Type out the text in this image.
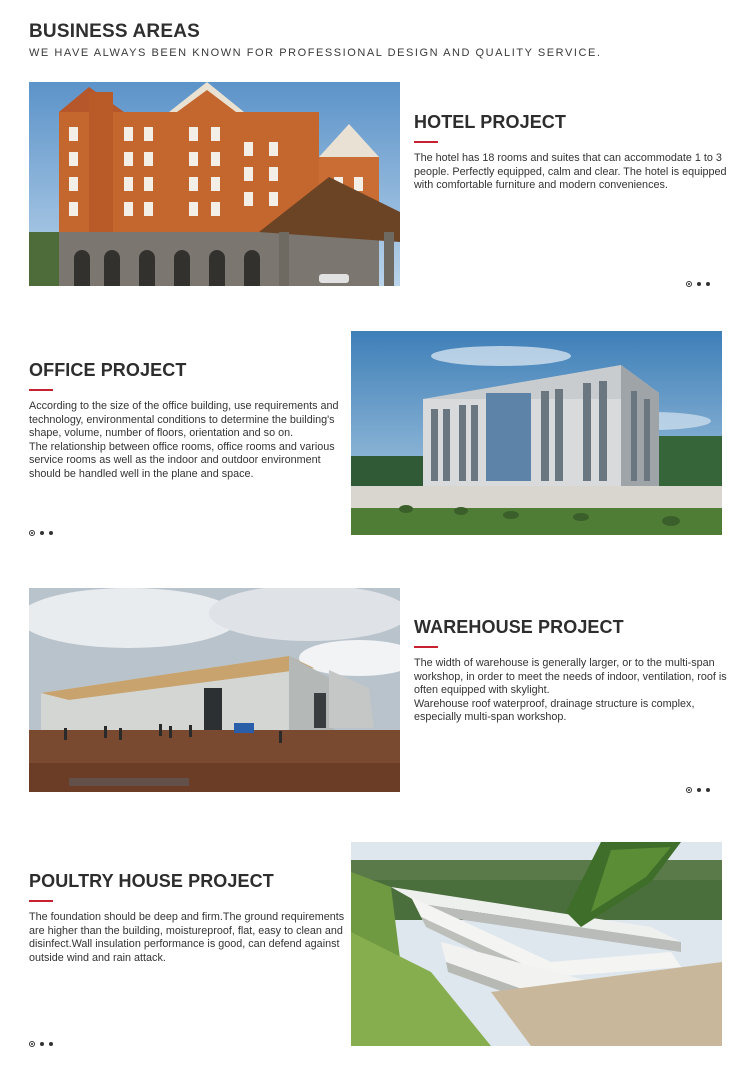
BUSINESS AREAS

WE HAVE ALWAYS BEEN KNOWN FOR PROFESSIONAL DESIGN AND QUALITY SERVICE.

HOTEL PROJECT
The hotel has 18 rooms and suites that can accommodate 1 to 3 people. Perfectly equipped, calm and clear. The hotel is equipped with comfortable furniture and modern conveniences.
OFFICE PROJECT
According to the size of the office building, use requirements and technology, environmental conditions to determine the building's shape, volume, number of floors, orientation and so on.
The relationship between office rooms, office rooms and various service rooms as well as the indoor and outdoor environment should be handled well in the plane and space.
WAREHOUSE PROJECT
The width of warehouse is generally larger, or to the multi-span workshop, in order to meet the needs of indoor, ventilation, roof is often equipped with skylight.
Warehouse roof waterproof, drainage structure is complex, especially multi-span workshop.
POULTRY HOUSE PROJECT
The foundation should be deep and firm.The ground requirements are higher than the building, moistureproof, flat, easy to clean and disinfect.Wall insulation performance is good, can defend against outside wind and rain attack.
